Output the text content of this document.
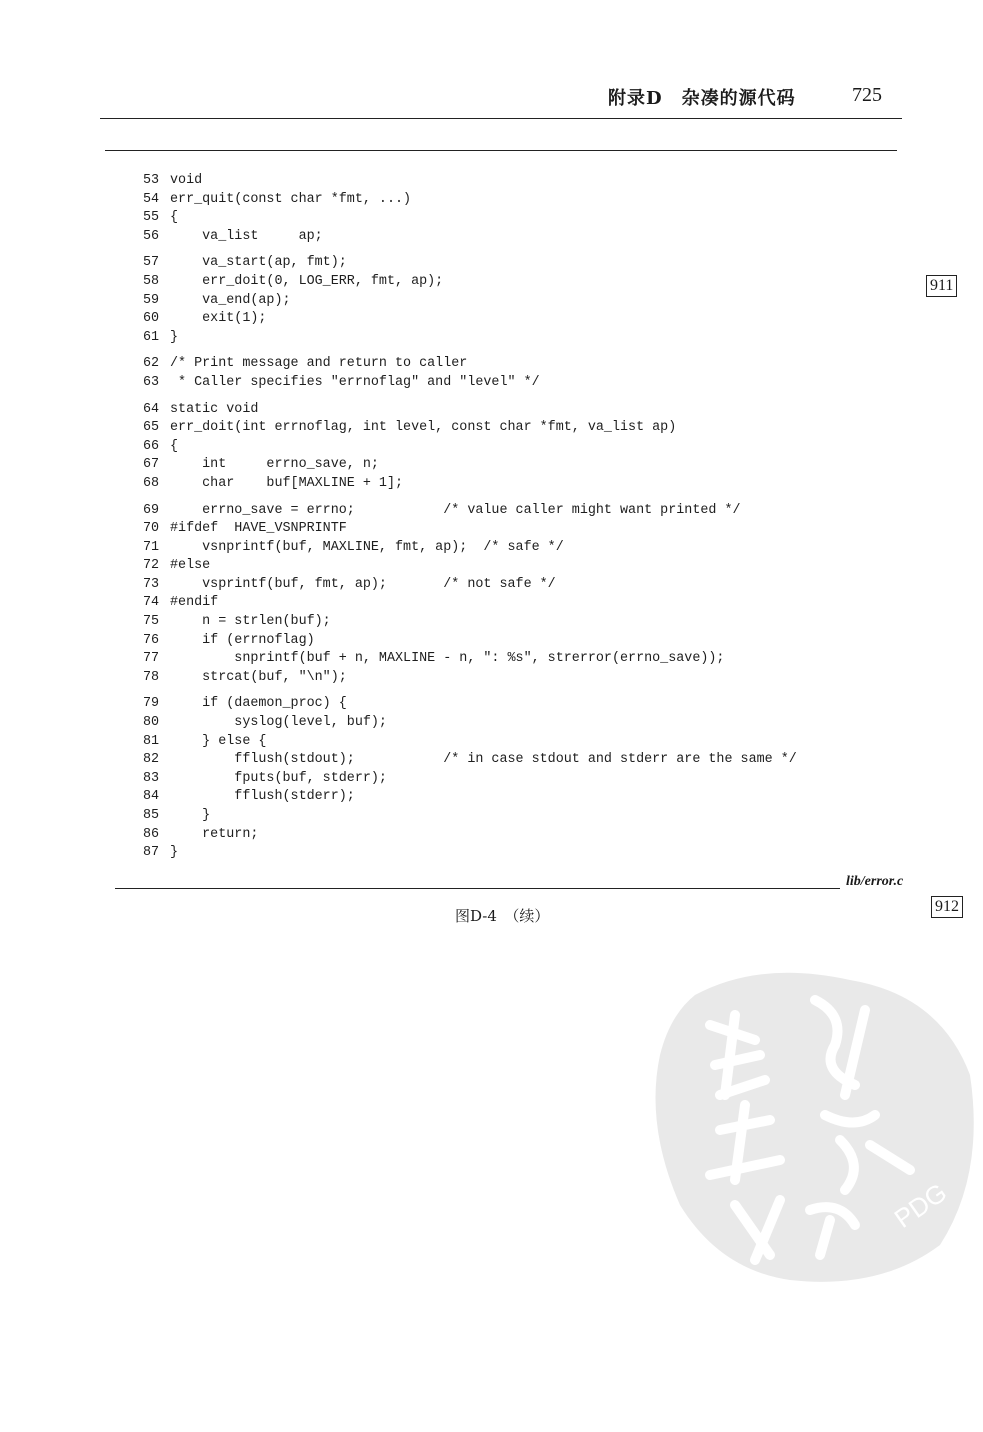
附录D　杂凑的源代码	725
53 void
54 err_quit(const char *fmt, ...)
55 {
56    va_list     ap;
57    va_start(ap, fmt);
58    err_doit(0, LOG_ERR, fmt, ap);
59    va_end(ap);
60    exit(1);
61 }
62 /* Print message and return to caller
63 * Caller specifies "errnoflag" and "level" */
64 static void
65 err_doit(int errnoflag, int level, const char *fmt, va_list ap)
66 {
67    int     errno_save, n;
68    char    buf[MAXLINE + 1];
69    errno_save = errno;           /* value caller might want printed */
70 #ifdef  HAVE_VSNPRINTF
71    vsnprintf(buf, MAXLINE, fmt, ap);  /* safe */
72 #else
73    vsprintf(buf, fmt, ap);       /* not safe */
74 #endif
75    n = strlen(buf);
76    if (errnoflag)
77        snprintf(buf + n, MAXLINE - n, ": %s", strerror(errno_save));
78    strcat(buf, "\n");
79    if (daemon_proc) {
80        syslog(level, buf);
81    } else {
82        fflush(stdout);           /* in case stdout and stderr are the same */
83        fputs(buf, stderr);
84        fflush(stderr);
85    }
86    return;
87 }
lib/error.c
图D-4　（续）
911
912
PDG
